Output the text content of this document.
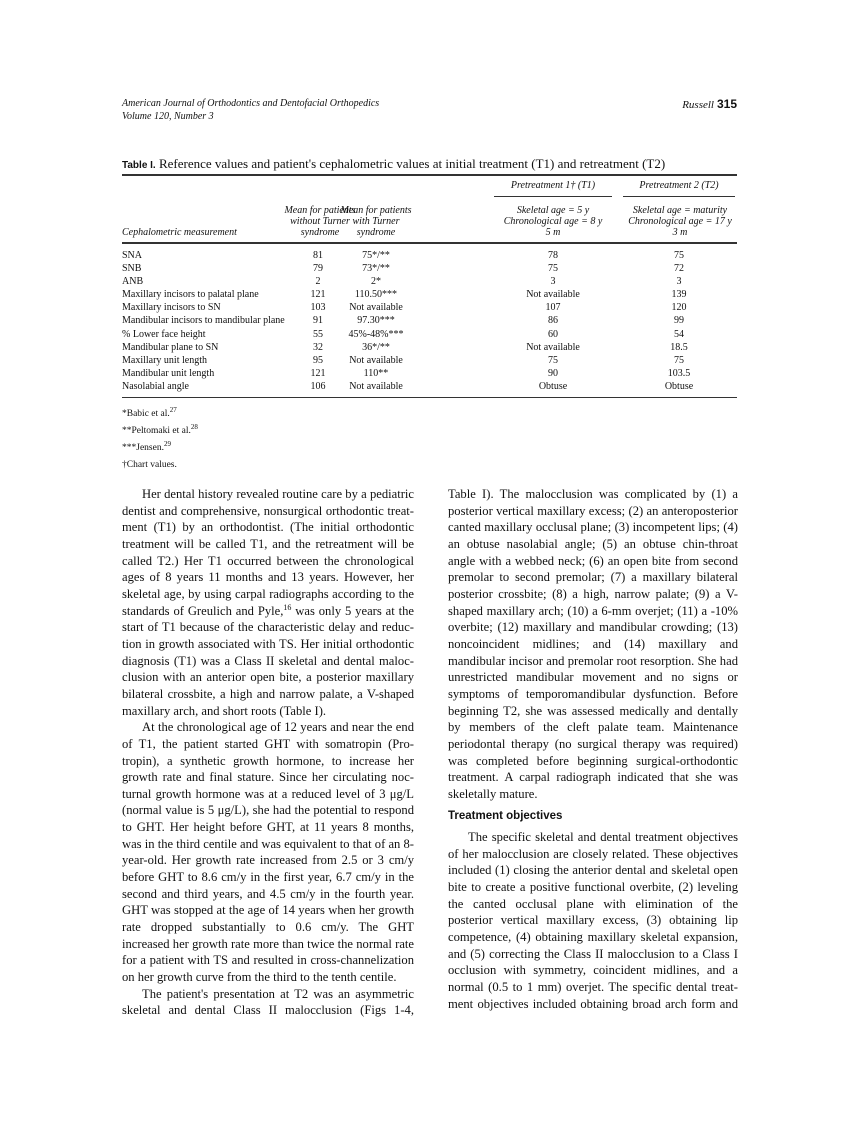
American Journal of Orthodontics and Dentofacial Orthopedics
Volume 120, Number 3
Russell 315
Table I. Reference values and patient's cephalometric values at initial treatment (T1) and retreatment (T2)
Pretreatment 1† (T1)	Pretreatment 2 (T2)
Cephalometric measurement
Mean for patients without Turner syndrome
Mean for patients with Turner syndrome
Skeletal age = 5 y Chronological age = 8 y 5 m
Skeletal age = maturity Chronological age = 17 y 3 m
SNA	81	75*/**		78	75
SNB	79	73*/**		75	72
ANB	2	2*		3	3
Maxillary incisors to palatal plane	121	110.50***		Not available	139
Maxillary incisors to SN	103	Not available		107	120
Mandibular incisors to mandibular plane	91	97.30***		86	99
% Lower face height	55	45%-48%***		60	54
Mandibular plane to SN	32	36*/**		Not available	18.5
Maxillary unit length	95	Not available		75	75
Mandibular unit length	121	110**		90	103.5
Nasolabial angle	106	Not available		Obtuse	Obtuse
*Babic et al.$^{27}$
**Peltomaki et al.$^{28}$
***Jensen.$^{29}$
†Chart values.

Her dental history revealed routine care by a pediatric dentist and comprehensive, nonsurgical orthodontic treatment (T1) by an orthodontist. (The initial orthodontic treatment will be called T1, and the retreatment will be called T2.) Her T1 occurred between the chronological ages of 8 years 11 months and 13 years. However, her skeletal age, by using carpal radiographs according to the standards of Greulich and Pyle,$^{16}$ was only 5 years at the start of T1 because of the characteristic delay and reduction in growth associated with TS. Her initial orthodontic diagnosis (T1) was a Class II skeletal and dental malocclusion with an anterior open bite, a posterior maxillary bilateral crossbite, a high and narrow palate, a V-shaped maxillary arch, and short roots (Table I).

At the chronological age of 12 years and near the end of T1, the patient started GHT with somatropin (Protropin), a synthetic growth hormone, to increase her growth rate and final stature. Since her circulating nocturnal growth hormone was at a reduced level of 3 μg/L (normal value is 5 μg/L), she had the potential to respond to GHT. Her height before GHT, at 11 years 8 months, was in the third centile and was equivalent to that of an 8-year-old. Her growth rate increased from 2.5 or 3 cm/y before GHT to 8.6 cm/y in the first year, 6.7 cm/y in the second and third years, and 4.5 cm/y in the fourth year. GHT was stopped at the age of 14 years when her growth rate dropped substantially to 0.6 cm/y. The GHT increased her growth rate more than twice the normal rate for a patient with TS and resulted in cross-channelization on her growth curve from the third to the tenth centile.

The patient's presentation at T2 was an asymmetric skeletal and dental Class II malocclusion (Figs 1-4,

Table I). The malocclusion was complicated by (1) a posterior vertical maxillary excess; (2) an anteroposterior canted maxillary occlusal plane; (3) incompetent lips; (4) an obtuse nasolabial angle; (5) an obtuse chin-throat angle with a webbed neck; (6) an open bite from second premolar to second premolar; (7) a maxillary bilateral posterior crossbite; (8) a high, narrow palate; (9) a V-shaped maxillary arch; (10) a 6-mm overjet; (11) a -10% overbite; (12) maxillary and mandibular crowding; (13) noncoincident midlines; and (14) maxillary and mandibular incisor and premolar root resorption. She had unrestricted mandibular movement and no signs or symptoms of temporomandibular dysfunction. Before beginning T2, she was assessed medically and dentally by members of the cleft palate team. Maintenance periodontal therapy (no surgical therapy was required) was completed before beginning surgical-orthodontic treatment. A carpal radiograph indicated that she was skeletally mature.

Treatment objectives

The specific skeletal and dental treatment objectives of her malocclusion are closely related. These objectives included (1) closing the anterior dental and skeletal open bite to create a positive functional overbite, (2) leveling the canted occlusal plane with elimination of the posterior vertical maxillary excess, (3) obtaining lip competence, (4) obtaining maxillary skeletal expansion, and (5) correcting the Class II malocclusion to a Class I occlusion with symmetry, coincident midlines, and a normal (0.5 to 1 mm) overjet. The specific dental treatment objectives included obtaining broad arch form and
